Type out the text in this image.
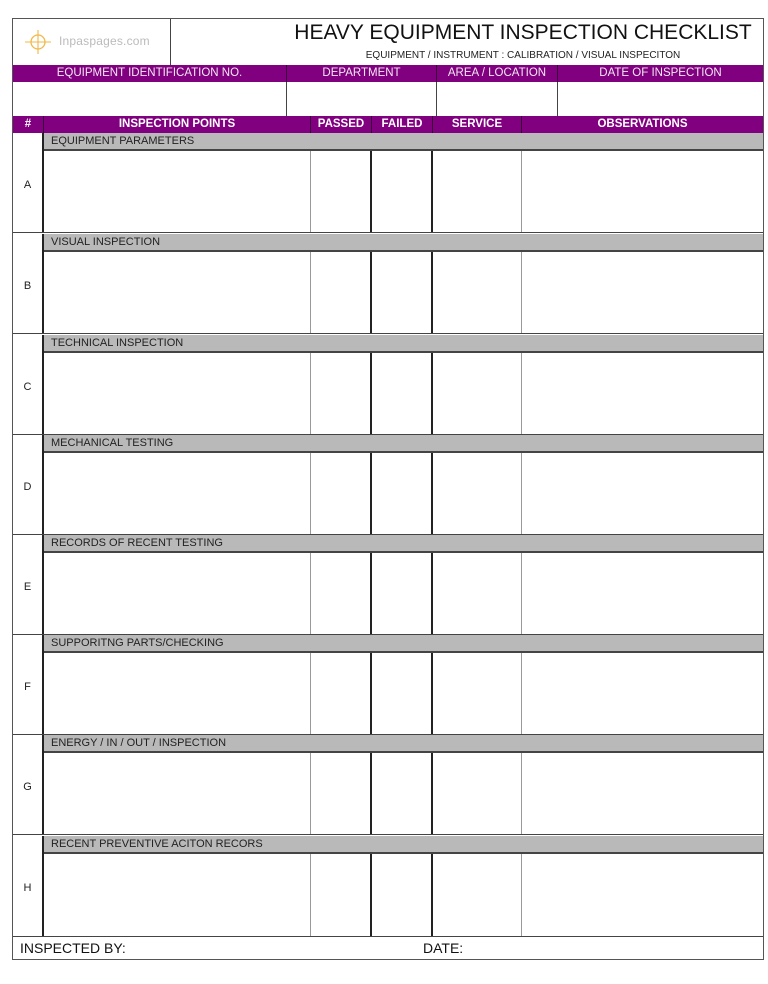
Inpaspages.com	HEAVY EQUIPMENT INSPECTION CHECKLIST
EQUIPMENT / INSTRUMENT : CALIBRATION / VISUAL INSPECITON
EQUIPMENT IDENTIFICATION NO.	DEPARTMENT	AREA / LOCATION	DATE OF INSPECTION
#	INSPECTION POINTS	PASSED	FAILED	SERVICE	OBSERVATIONS
A
EQUIPMENT PARAMETERS
B
VISUAL INSPECTION
C
TECHNICAL INSPECTION
D
MECHANICAL TESTING
E
RECORDS OF RECENT TESTING
F
SUPPORITNG PARTS/CHECKING
G
ENERGY / IN / OUT / INSPECTION
H
RECENT PREVENTIVE ACITON RECORS
INSPECTED BY:	DATE:
